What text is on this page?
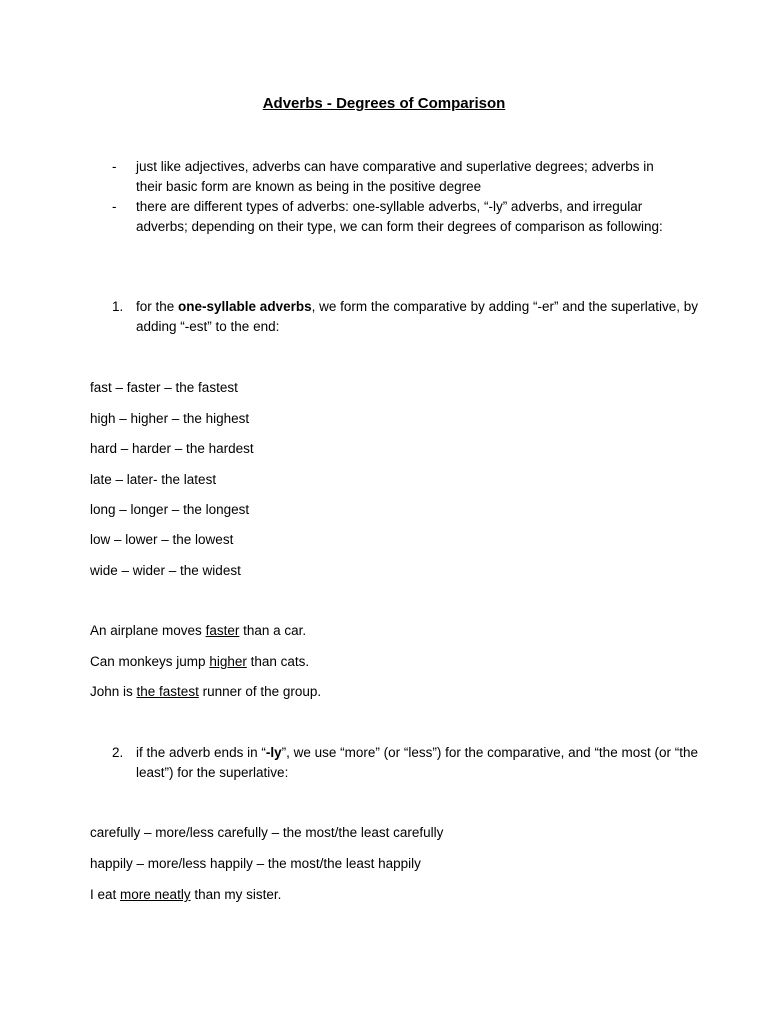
Adverbs - Degrees of Comparison
- just like adjectives, adverbs can have comparative and superlative degrees; adverbs in their basic form are known as being in the positive degree
- there are different types of adverbs: one-syllable adverbs, “-ly” adverbs, and irregular adverbs; depending on their type, we can form their degrees of comparison as following:
1. for the one-syllable adverbs, we form the comparative by adding “-er” and the superlative, by adding “-est” to the end:
fast – faster – the fastest
high – higher – the highest
hard – harder – the hardest
late – later- the latest
long – longer – the longest
low – lower – the lowest
wide – wider – the widest
An airplane moves faster than a car.
Can monkeys jump higher than cats.
John is the fastest runner of the group.
2. if the adverb ends in “-ly”, we use “more” (or “less”) for the comparative, and “the most (or “the least”) for the superlative:
carefully – more/less carefully – the most/the least carefully
happily – more/less happily – the most/the least happily
I eat more neatly than my sister.
